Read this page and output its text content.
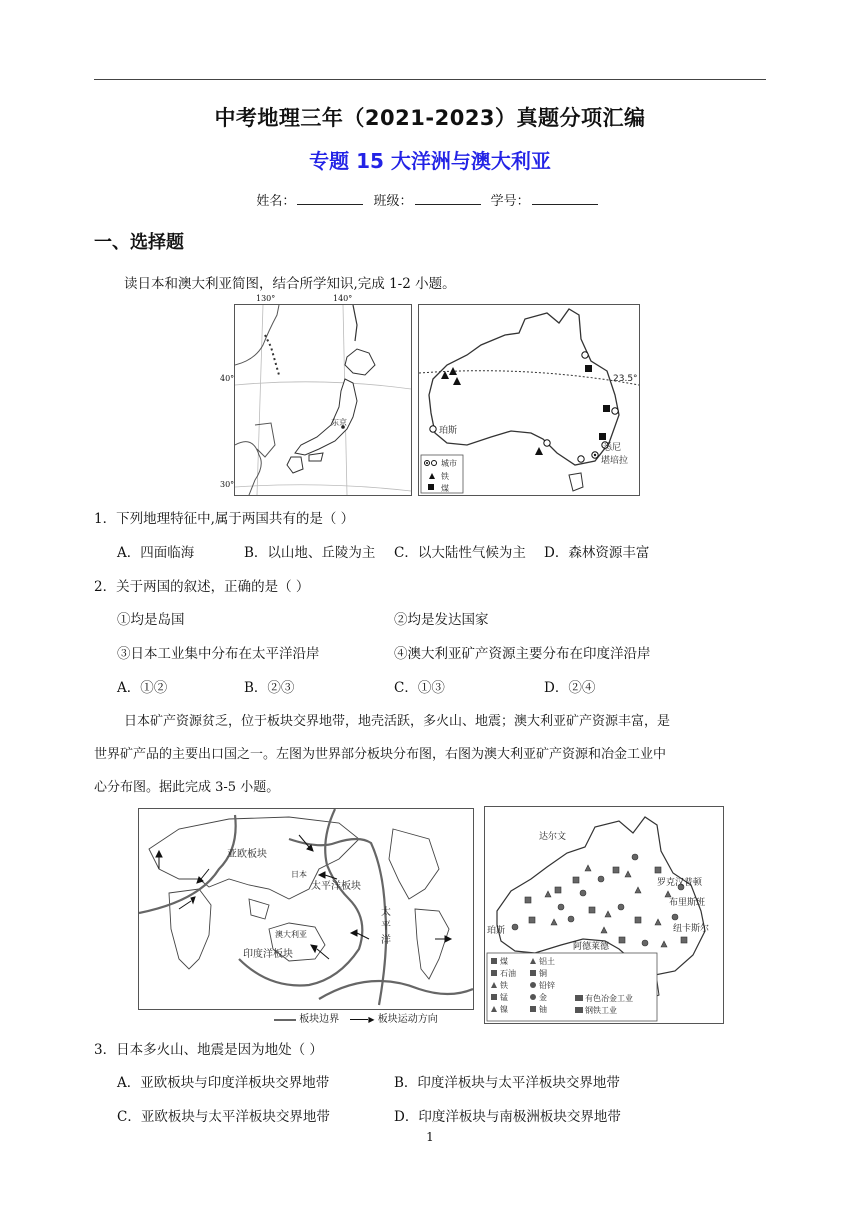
中考地理三年（2021-2023）真题分项汇编
专题 15 大洋洲与澳大利亚
姓名：	班级：	学号：
一、选择题
读日本和澳大利亚简图，结合所学知识,完成 1-2 小题。
东京
130°	140°
40°
30°
23.5°
珀斯
悉尼
堪培拉
城市
铁
煤
1．下列地理特征中,属于两国共有的是（ ）
A．四面临海	B．以山地、丘陵为主 C．以大陆性气候为主 D．森林资源丰富
2．关于两国的叙述，正确的是（ ）
①均是岛国	②均是发达国家
③日本工业集中分布在太平洋沿岸	④澳大利亚矿产资源主要分布在印度洋沿岸
A．①②	B．②③	C．①③	D．②④
日本矿产资源贫乏，位于板块交界地带，地壳活跃，多火山、地震；澳大利亚矿产资源丰富，是
世界矿产品的主要出口国之一。左图为世界部分板块分布图，右图为澳大利亚矿产资源和冶金工业中
心分布图。据此完成 3-5 小题。
亚欧板块
日本
太平洋板块
太
平
洋
澳大利亚
印度洋板块
板块边界	▶ 板块运动方向
达尔文
罗克汉普顿
布里斯班
纽卡斯尔
珀斯
阿德莱德
煤	铝土
石油	铜
铁	铅锌
锰	金	有色冶金工业
镍	铀	钢铁工业
3．日本多火山、地震是因为地处（ ）
A．亚欧板块与印度洋板块交界地带	B．印度洋板块与太平洋板块交界地带
C．亚欧板块与太平洋板块交界地带	D．印度洋板块与南极洲板块交界地带
1
